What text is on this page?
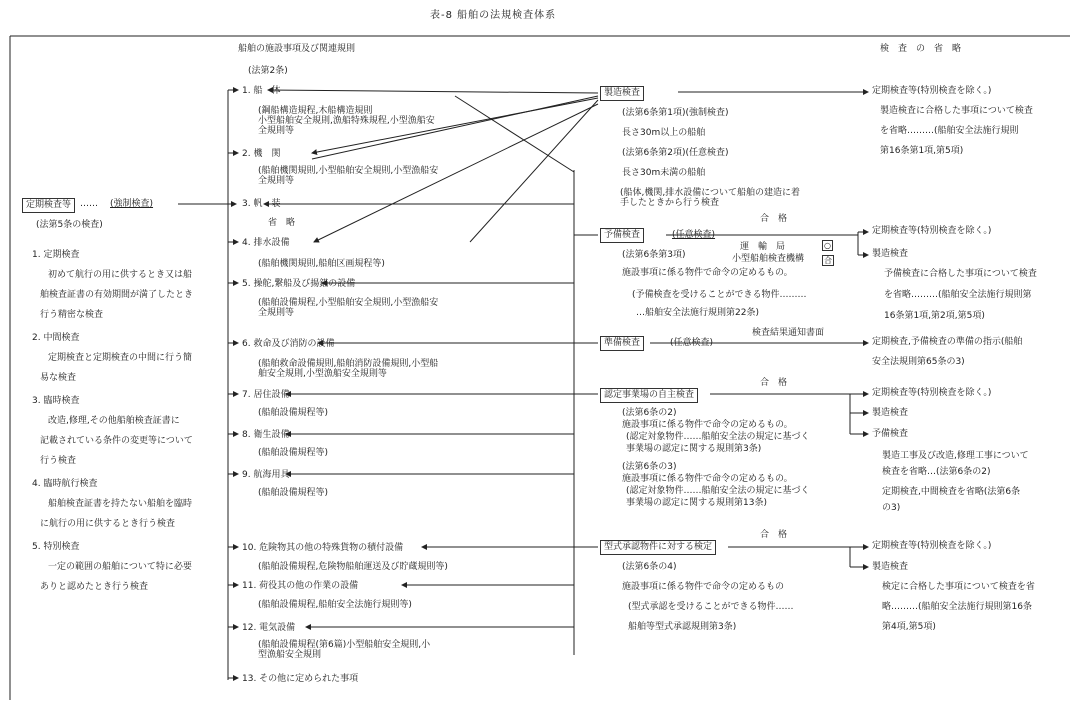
表-8 船舶の法規検査体系
船舶の施設事項及び関連規則
(法第2条)
定期検査等 …… (強制検査)
(法第5条の検査)
1. 定期検査
初めて航行の用に供するとき又は船
舶検査証書の有効期間が満了したとき
行う精密な検査
2. 中間検査
定期検査と定期検査の中間に行う簡
易な検査
3. 臨時検査
改造,修理,その他船舶検査証書に
記載されている条件の変更等について
行う検査
4. 臨時航行検査
船舶検査証書を持たない船舶を臨時
に航行の用に供するとき行う検査
5. 特別検査
一定の範囲の船舶について特に必要
ありと認めたとき行う検査
1. 船　体
(鋼船構造規程,木船構造規則
小型船舶安全規則,漁船特殊規程,小型漁船安
全規則等
2. 機　関
(船舶機関規則,小型船舶安全規則,小型漁船安
全規則等
3. 帆　装
省　略
4. 排水設備
(船舶機関規則,船舶区画規程等)
5. 操舵,繋船及び揚錨の設備
(船舶設備規程,小型船舶安全規則,小型漁船安
全規則等
6. 救命及び消防の設備
(船舶救命設備規則,船舶消防設備規則,小型船
舶安全規則,小型漁船安全規則等
7. 居住設備
(船舶設備規程等)
8. 衛生設備
(船舶設備規程等)
9. 航海用具
(船舶設備規程等)
10. 危険物其の他の特殊貨物の積付設備
(船舶設備規程,危険物船舶運送及び貯蔵規則等)
11. 荷役其の他の作業の設備
(船舶設備規程,船舶安全法施行規則等)
12. 電気設備
(船舶設備規程(第6篇)小型船舶安全規則,小
型漁船安全規則
13. その他に定められた事項
製造検査
(法第6条第1項)(強制検査)
長さ30m以上の船舶
(法第6条第2項)(任意検査)
長さ30m未満の船舶
(船体,機関,排水設備について船舶の建造に着
手したときから行う検査
合　格
予備検査	(任意検査)
運　輸　局
小型船舶検査機構
○
合
(法第6条第3項)
施設事項に係る物件で命令の定めるもの。
(予備検査を受けることができる物件………
…船舶安全法施行規則第22条)
検査結果通知書面
準備検査	(任意検査)
合　格
認定事業場の自主検査
(法第6条の2)
施設事項に係る物件で命令の定めるもの。
(認定対象物件……船舶安全法の規定に基づく
事業場の認定に関する規則第3条)
(法第6条の3)
施設事項に係る物件で命令の定めるもの。
(認定対象物件……船舶安全法の規定に基づく
事業場の認定に関する規則第13条)
合　格
型式承認物件に対する検定
(法第6条の4)
施設事項に係る物件で命令の定めるもの
(型式承認を受けることができる物件……
船舶等型式承認規則第3条)
検　査　の　省　略
定期検査等(特別検査を除く。)
製造検査に合格した事項について検査
を省略………(船舶安全法施行規則
第16条第1項,第5項)
定期検査等(特別検査を除く。)
製造検査
予備検査に合格した事項について検査
を省略………(船舶安全法施行規則第
16条第1項,第2項,第5項)
定期検査,予備検査の準備の指示(船舶
安全法規則第65条の3)
定期検査等(特別検査を除く。)
製造検査
予備検査
製造工事及び改造,修理工事について
検査を省略…(法第6条の2)
定期検査,中間検査を省略(法第6条
の3)
定期検査等(特別検査を除く。)
製造検査
検定に合格した事項について検査を省
略………(船舶安全法施行規則第16条
第4項,第5項)
